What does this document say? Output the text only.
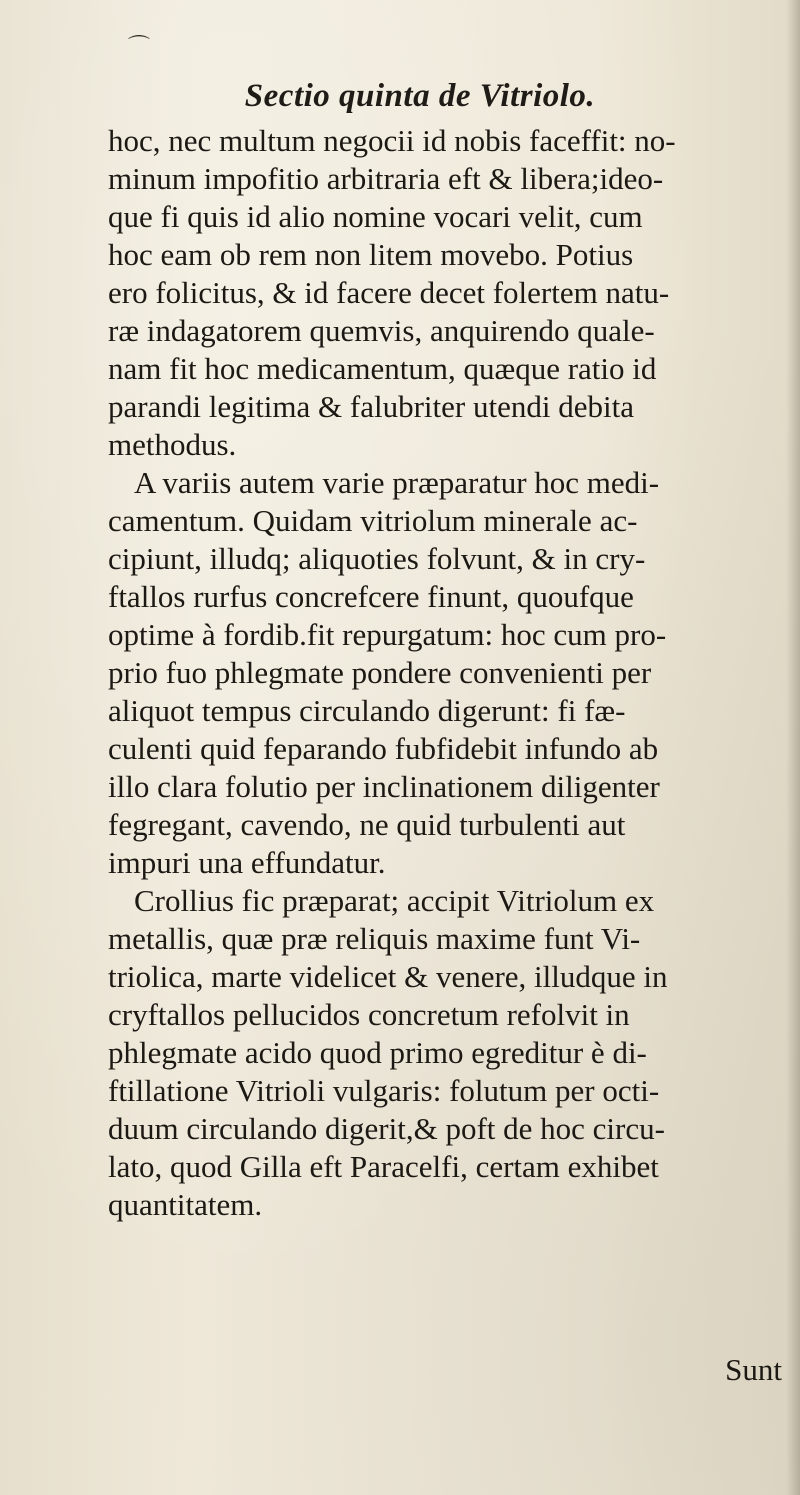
⌒
Sectio quinta de Vitriolo.
hoc, nec multum negocii id nobis faceffit: no-
minum impofitio arbitraria eft & libera;ideo-
que fi quis id alio nomine vocari velit, cum
hoc eam ob rem non litem movebo. Potius
ero folicitus, & id facere decet folertem natu-
ræ indagatorem quemvis, anquirendo quale-
nam fit hoc medicamentum, quæque ratio id
parandi legitima & falubriter utendi debita
methodus.
A variis autem varie præparatur hoc medi-
camentum. Quidam vitriolum minerale ac-
cipiunt, illudq; aliquoties folvunt, & in cry-
ftallos rurfus concrefcere finunt, quoufque
optime à fordib.fit repurgatum: hoc cum pro-
prio fuo phlegmate pondere convenienti per
aliquot tempus circulando digerunt: fi fæ-
culenti quid feparando fubfidebit infundo ab
illo clara folutio per inclinationem diligenter
fegregant, cavendo, ne quid turbulenti aut
impuri una effundatur.
Crollius fic præparat; accipit Vitriolum ex
metallis, quæ præ reliquis maxime funt Vi-
triolica, marte videlicet & venere, illudque in
cryftallos pellucidos concretum refolvit in
phlegmate acido quod primo egreditur è di-
ftillatione Vitrioli vulgaris: folutum per octi-
duum circulando digerit,& poft de hoc circu-
lato, quod Gilla eft Paracelfi, certam exhibet
quantitatem.

Sunt
